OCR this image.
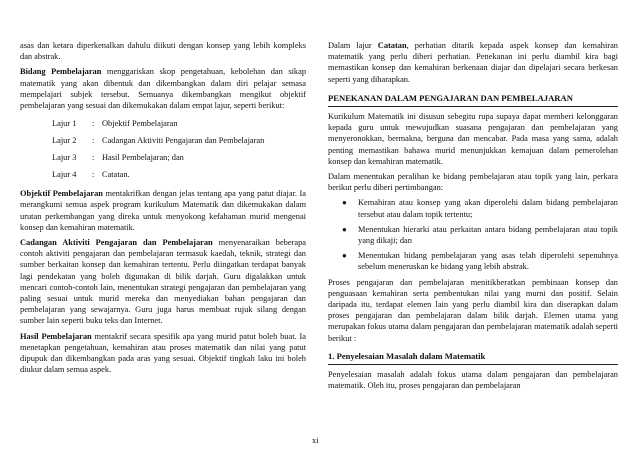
asas dan ketara diperkenalkan dahulu diikuti dengan konsep yang lebih kompleks dan abstrak.

Bidang Pembelajaran menggariskan skop pengetahuan, kebolehan dan sikap matematik yang akan dibentuk dan dikembangkan dalam diri pelajar semasa mempelajari subjek tersebut. Semuanya dikembangkan mengikut objektif pembelajaran yang sesuai dan dikemukakan dalam empat lajur, seperti berikut:

Lajur 1	: Objektif Pembelajaran
Lajur 2	: Cadangan Aktiviti Pengajaran dan Pembelajaran
Lajur 3	: Hasil Pembelajaran; dan
Lajur 4	: Catatan.

Objektif Pembelajaran mentakrifkan dengan jelas tentang apa yang patut diajar. Ia merangkumi semua aspek program kurikulum Matematik dan dikemukakan dalam urutan perkembangan yang direka untuk menyokong kefahaman murid mengenai konsep dan kemahiran matematik.

Cadangan Aktiviti Pengajaran dan Pembelajaran menyenaraikan beberapa contoh aktiviti pengajaran dan pembelajaran termasuk kaedah, teknik, strategi dan sumber berkaitan konsep dan kemahiran tertentu. Perlu diingatkan terdapat banyak lagi pendekatan yang boleh digunakan di bilik darjah. Guru digalakkan untuk mencari contoh-contoh lain, menentukan strategi pengajaran dan pembelajaran yang paling sesuai untuk murid mereka dan menyediakan bahan pengajaran dan pembelajaran yang sewajarnya. Guru juga harus membuat rujuk silang dengan sumber lain seperti buku teks dan Internet.

Hasil Pembelajaran mentakrif secara spesifik apa yang murid patut boleh buat. Ia menetapkan pengetahuan, kemahiran atau proses matematik dan nilai yang patut dipupuk dan dikembangkan pada aras yang sesuai. Objektif tingkah laku ini boleh diukur dalam semua aspek.

Dalam lajur Catatan, perhatian ditarik kepada aspek konsep dan kemahiran matematik yang perlu diberi perhatian. Penekanan ini perlu diambil kira bagi memastikan konsep dan kemahiran berkenaan diajar dan dipelajari secara berkesan seperti yang diharapkan.

PENEKANAN DALAM PENGAJARAN DAN PEMBELAJARAN

Kurikulum Matematik ini disusun sebegitu rupa supaya dapat memberi kelonggaran kepada guru untuk mewujudkan suasana pengajaran dan pembelajaran yang menyeronokkan, bermakna, berguna dan mencabar. Pada masa yang sama, adalah penting memastikan bahawa murid menunjukkan kemajuan dalam pemerolehan konsep dan kemahiran matematik.

Dalam menentukan peralihan ke bidang pembelajaran atau topik yang lain, perkara berikut perlu diberi pertimbangan:

●	Kemahiran atau konsep yang akan diperolehi dalam bidang pembelajaran tersebut atau dalam topik tertentu;
●	Menentukan hierarki atau perkaitan antara bidang pembelajaran atau topik yang dikaji; dan
●	Menentukan bidang pembelajaran yang asas telah diperolehi sepenuhnya sebelum meneruskan ke bidang yang lebih abstrak.

Proses pengajaran dan pembelajaran menitikberatkan pembinaan konsep dan penguasaan kemahiran serta pembentukan nilai yang murni dan positif. Selain daripada itu, terdapat elemen lain yang perlu diambil kira dan diserapkan dalam proses pengajaran dan pembelajaran dalam bilik darjah. Elemen utama yang merupakan fokus utama dalam pengajaran dan pembelajaran matematik adalah seperti berikut :

1. Penyelesaian Masalah dalam Matematik

Penyelesaian masalah adalah fokus utama dalam pengajaran dan pembelajaran matematik. Oleh itu, proses pengajaran dan pembelajaran

xi
